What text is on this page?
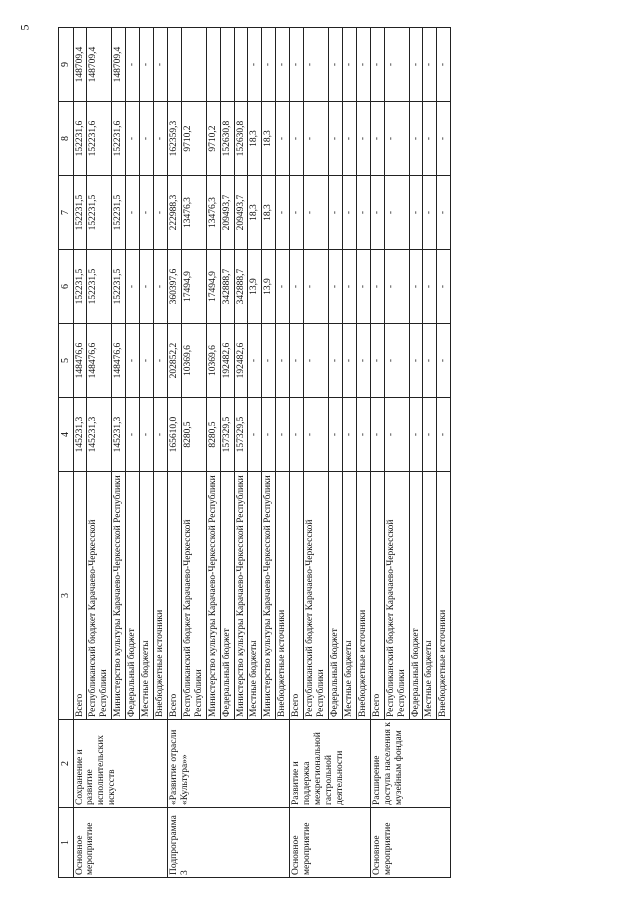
5
1	2	3	4	5	6	7	8	9
Основное мероприятие	Сохранение и развитие исполнительских искусств	Всего	145231,3	148476,6	152231,5	152231,5	152231,6	148709,4
		Республиканский бюджет Карачаево-Черкесской Республики	145231,3	148476,6	152231,5	152231,5	152231,6	148709,4
		Министерство культуры Карачаево-Черкесской Республики	145231,3	148476,6	152231,5	152231,5	152231,6	148709,4
		Федеральный бюджет	-	-	-	-	-	-
		Местные бюджеты	-	-	-	-	-	-
		Внебюджетные источники	-	-	-	-	-	-
Подпрограмма 3	«Развитие отрасли «Культура»»	Всего	165610,0	202852,2	360397,6	222988,3	162359,3	
		Республиканский бюджет Карачаево-Черкесской Республики	8280,5	10369,6	17494,9	13476,3	9710,2	
		Министерство культуры Карачаево-Черкесской Республики	8280,5	10369,6	17494,9	13476,3	9710,2	
		Федеральный бюджет	157329,5	192482,6	342888,7	209493,7	152630,8	
		Министерство культуры Карачаево-Черкесской Республики	157329,5	192482,6	342888,7	209493,7	152630,8	
		Местные бюджеты	-	-	13,9	18,3	18,3	-
		Министерство культуры Карачаево-Черкесской Республики	-	-	13,9	18,3	18,3	-
		Внебюджетные источники	-	-	-	-	-	-
Основное мероприятие	Развитие и поддержка межрегиональной гастрольной деятельности	Всего	-	-	-	-	-	-
		Республиканский бюджет Карачаево-Черкесской Республики	-	-	-	-	-	-
		Федеральный бюджет	-	-	-	-	-	-
		Местные бюджеты	-	-	-	-	-	-
		Внебюджетные источники	-	-	-	-	-	-
Основное мероприятие	Расширение доступа населения к музейным фондам	Всего	-	-	-	-	-	-
		Республиканский бюджет Карачаево-Черкесской Республики	-	-	-	-	-	-
		Федеральный бюджет	-	-	-	-	-	-
		Местные бюджеты	-	-	-	-	-	-
		Внебюджетные источники	-	-	-	-	-	-
